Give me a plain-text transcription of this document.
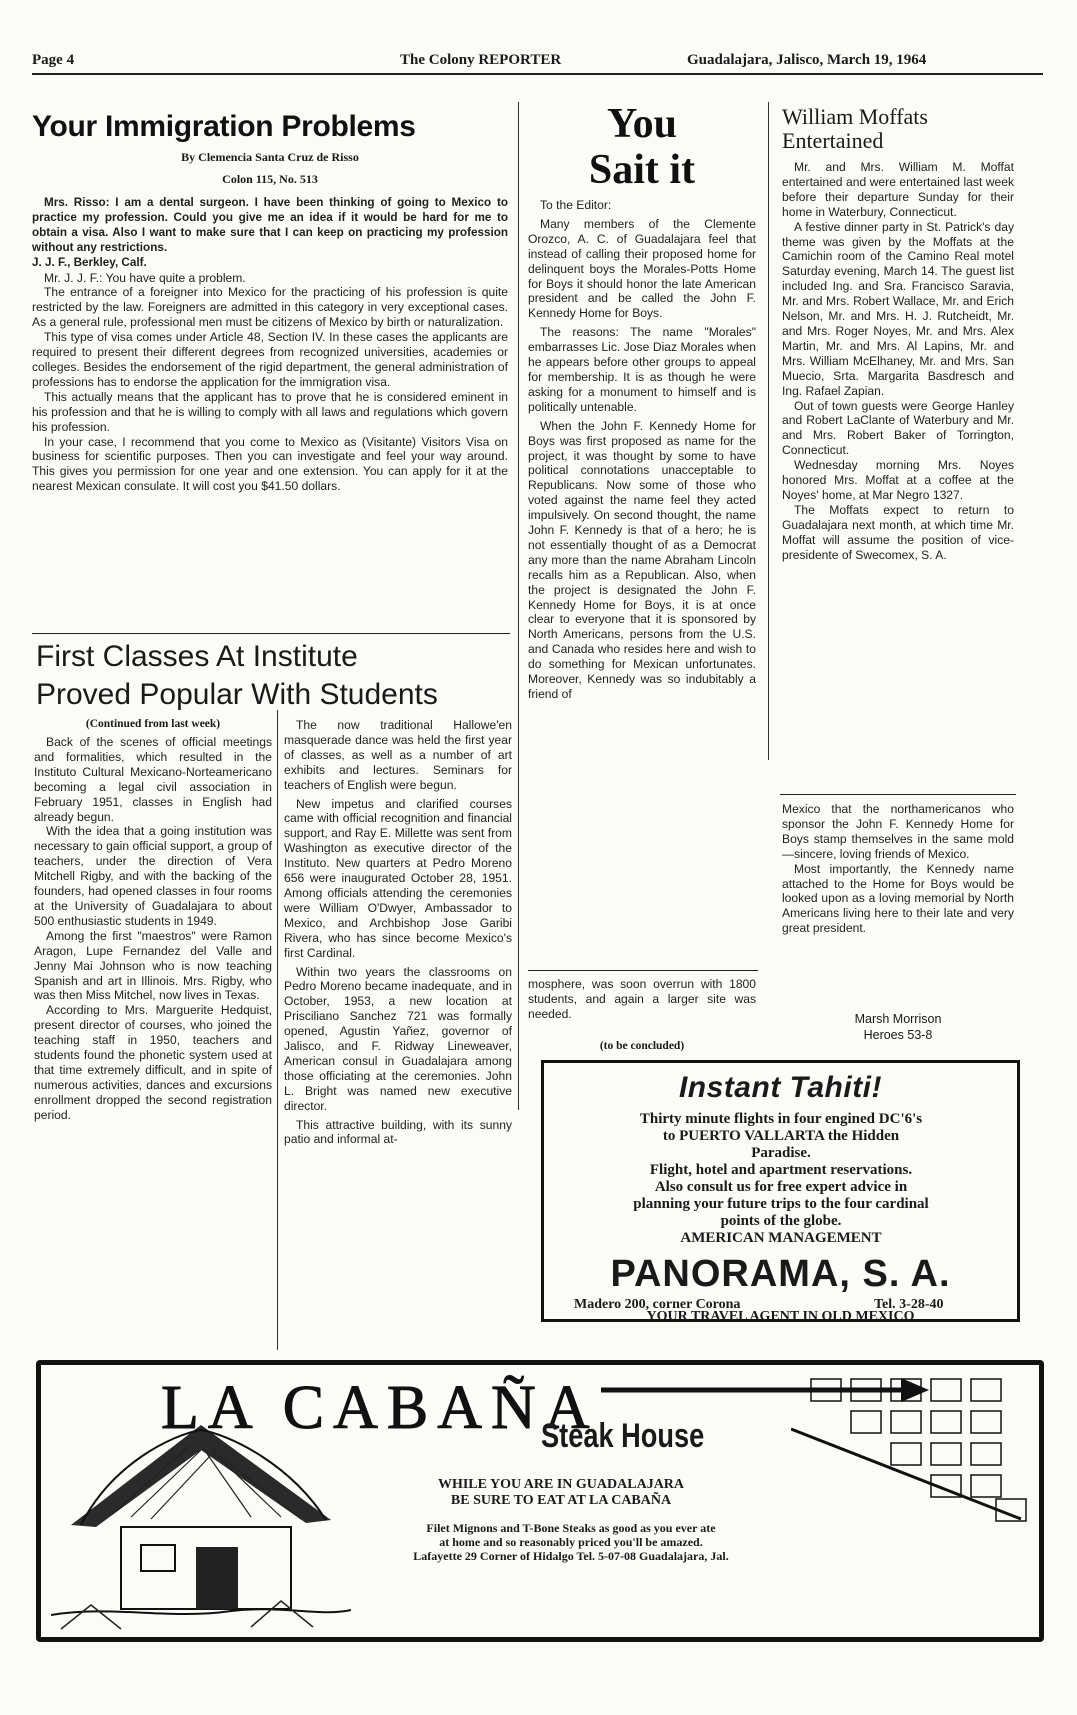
Page 4	The Colony REPORTER	Guadalajara, Jalisco, March 19, 1964
Your Immigration Problems
By Clemencia Santa Cruz de Risso
Colon 115, No. 513

Mrs. Risso: I am a dental surgeon. I have been thinking of going to Mexico to practice my profession. Could you give me an idea if it would be hard for me to obtain a visa. Also I want to make sure that I can keep on practicing my profession without any restrictions.

J. J. F., Berkley, Calf.

Mr. J. J. F.: You have quite a problem.

The entrance of a foreigner into Mexico for the practicing of his profession is quite restricted by the law. Foreigners are admitted in this category in very exceptional cases. As a general rule, professional men must be citizens of Mexico by birth or naturalization.

This type of visa comes under Article 48, Section IV. In these cases the applicants are required to present their different degrees from recognized universities, academies or colleges. Besides the endorsement of the rigid department, the general administration of professions has to endorse the application for the immigration visa.

This actually means that the applicant has to prove that he is considered eminent in his profession and that he is willing to comply with all laws and regulations which govern his profession.

In your case, I recommend that you come to Mexico as (Visitante) Visitors Visa on business for scientific purposes. Then you can investigate and feel your way around. This gives you permission for one year and one extension. You can apply for it at the nearest Mexican consulate. It will cost you $41.50 dollars.

First Classes At Institute
Proved Popular With Students
(Continued from last week)

Back of the scenes of official meetings and formalities, which resulted in the Instituto Cultural Mexicano-Norteamericano becoming a legal civil association in February 1951, classes in English had already begun.

With the idea that a going institution was necessary to gain official support, a group of teachers, under the direction of Vera Mitchell Rigby, and with the backing of the founders, had opened classes in four rooms at the University of Guadalajara to about 500 enthusiastic students in 1949.

Among the first "maestros" were Ramon Aragon, Lupe Fernandez del Valle and Jenny Mai Johnson who is now teaching Spanish and art in Illinois. Mrs. Rigby, who was then Miss Mitchel, now lives in Texas.

According to Mrs. Marguerite Hedquist, present director of courses, who joined the teaching staff in 1950, teachers and students found the phonetic system used at that time extremely difficult, and in spite of numerous activities, dances and excursions enrollment dropped the second registration period.

The now traditional Hallowe'en masquerade dance was held the first year of classes, as well as a number of art exhibits and lectures. Seminars for teachers of English were begun.

New impetus and clarified courses came with official recognition and financial support, and Ray E. Millette was sent from Washington as executive director of the Instituto. New quarters at Pedro Moreno 656 were inaugurated October 28, 1951. Among officials attending the ceremonies were William O'Dwyer, Ambassador to Mexico, and Archbishop Jose Garibi Rivera, who has since become Mexico's first Cardinal.

Within two years the classrooms on Pedro Moreno became inadequate, and in October, 1953, a new location at Prisciliano Sanchez 721 was formally opened, Agustin Yañez, governor of Jalisco, and F. Ridway Lineweaver, American consul in Guadalajara among those officiating at the ceremonies. John L. Bright was named new executive director.

This attractive building, with its sunny patio and informal at-

mosphere, was soon overrun with 1800 students, and again a larger site was needed.

(to be concluded)
You
Sait it

To the Editor:

Many members of the Clemente Orozco, A. C. of Guadalajara feel that instead of calling their proposed home for delinquent boys the Morales-Potts Home for Boys it should honor the late American president and be called the John F. Kennedy Home for Boys.

The reasons: The name "Morales" embarrasses Lic. Jose Diaz Morales when he appears before other groups to appeal for membership. It is as though he were asking for a monument to himself and is politically untenable.

When the John F. Kennedy Home for Boys was first proposed as name for the project, it was thought by some to have political connotations unacceptable to Republicans. Now some of those who voted against the name feel they acted impulsively. On second thought, the name John F. Kennedy is that of a hero; he is not essentially thought of as a Democrat any more than the name Abraham Lincoln recalls him as a Republican. Also, when the project is designated the John F. Kennedy Home for Boys, it is at once clear to everyone that it is sponsored by North Americans, persons from the U.S. and Canada who resides here and wish to do something for Mexican unfortunates. Moreover, Kennedy was so indubitably a friend of

William Moffats
Entertained

Mr. and Mrs. William M. Moffat entertained and were entertained last week before their departure Sunday for their home in Waterbury, Connecticut.

A festive dinner party in St. Patrick's day theme was given by the Moffats at the Camichin room of the Camino Real motel Saturday evening, March 14. The guest list included Ing. and Sra. Francisco Saravia, Mr. and Mrs. Robert Wallace, Mr. and Erich Nelson, Mr. and Mrs. H. J. Rutcheidt, Mr. and Mrs. Roger Noyes, Mr. and Mrs. Alex Martin, Mr. and Mrs. Al Lapins, Mr. and Mrs. William McElhaney, Mr. and Mrs. San Muecio, Srta. Margarita Basdresch and Ing. Rafael Zapian.

Out of town guests were George Hanley and Robert LaClante of Waterbury and Mr. and Mrs. Robert Baker of Torrington, Connecticut.

Wednesday morning Mrs. Noyes honored Mrs. Moffat at a coffee at the Noyes' home, at Mar Negro 1327.

The Moffats expect to return to Guadalajara next month, at which time Mr. Moffat will assume the position of vice-presidente of Swecomex, S. A.

Mexico that the northamericanos who sponsor the John F. Kennedy Home for Boys stamp themselves in the same mold—sincere, loving friends of Mexico.

Most importantly, the Kennedy name attached to the Home for Boys would be looked upon as a loving memorial by North Americans living here to their late and very great president.

Marsh Morrison
Heroes 53-8
Instant Tahiti!
Thirty minute flights in four engined DC'6's
to PUERTO VALLARTA the Hidden
Paradise.
Flight, hotel and apartment reservations.
Also consult us for free expert advice in
planning your future trips to the four cardinal
points of the globe.
AMERICAN MANAGEMENT
PANORAMA, S. A.
Madero 200, corner Corona	Tel. 3-28-40
YOUR TRAVEL AGENT IN OLD MEXICO
LA CABAÑA
Steak House
WHILE YOU ARE IN GUADALAJARA
BE SURE TO EAT AT LA CABAÑA
Filet Mignons and T-Bone Steaks as good as you ever ate
at home and so reasonably priced you'll be amazed.
Lafayette 29 Corner of Hidalgo Tel. 5-07-08 Guadalajara, Jal.
